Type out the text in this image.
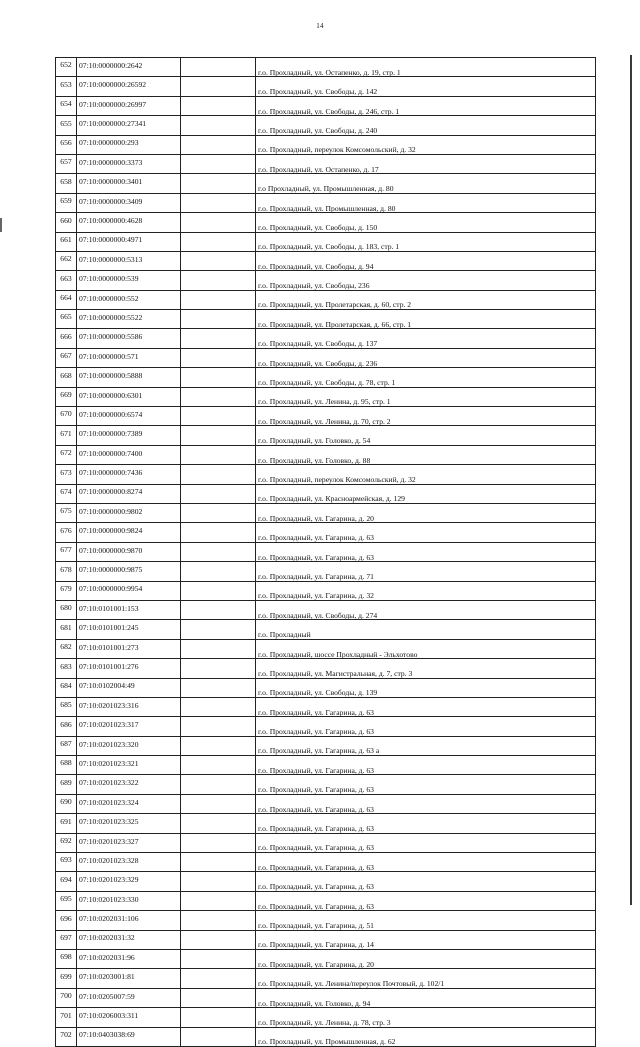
14
652	07:10:0000000:2642		г.о. Прохладный, ул. Остапенко, д. 19, стр. 1
653	07:10:0000000:26592		г.о. Прохладный, ул. Свободы, д. 142
654	07:10:0000000:26997		г.о. Прохладный, ул. Свободы, д. 246, стр. 1
655	07:10:0000000:27341		г.о. Прохладный, ул. Свободы, д. 240
656	07:10:0000000:293		г.о. Прохладный, переулок Комсомольский, д. 32
657	07:10:0000000:3373		г.о. Прохладный, ул. Остапенко, д. 17
658	07:10:0000000:3401		г.о Прохладный, ул. Промышленная, д. 80
659	07:10:0000000:3409		г.о. Прохладный, ул. Промышленная, д. 80
660	07:10:0000000:4628		г.о. Прохладный, ул. Свободы, д. 150
661	07:10:0000000:4971		г.о. Прохладный, ул. Свободы, д. 183, стр. 1
662	07:10:0000000:5313		г.о. Прохладный, ул. Свободы, д. 94
663	07:10:0000000:539		г.о. Прохладный, ул. Свободы, 236
664	07:10:0000000:552		г.о. Прохладный, ул. Пролетарская, д. 60, стр. 2
665	07:10:0000000:5522		г.о. Прохладный, ул. Пролетарская, д. 66, стр. 1
666	07:10:0000000:5586		г.о. Прохладный, ул. Свободы, д. 137
667	07:10:0000000:571		г.о. Прохладный, ул. Свободы, д. 236
668	07:10:0000000:5888		г.о. Прохладный, ул. Свободы, д. 78, стр. 1
669	07:10:0000000:6301		г.о. Прохладный, ул. Ленина, д. 95, стр. 1
670	07:10:0000000:6574		г.о. Прохладный, ул. Ленина, д. 70, стр. 2
671	07:10:0000000:7389		г.о. Прохладный, ул. Головко, д. 54
672	07:10:0000000:7400		г.о. Прохладный, ул. Головко, д. 88
673	07:10:0000000:7436		г.о. Прохладный, переулок Комсомольский, д. 32
674	07:10:0000000:8274		г.о. Прохладный, ул. Красноармейская, д. 129
675	07:10:0000000:9802		г.о. Прохладный, ул. Гагарина, д. 20
676	07:10:0000000:9824		г.о. Прохладный, ул. Гагарина, д. 63
677	07:10:0000000:9870		г.о. Прохладный, ул. Гагарина, д. 63
678	07:10:0000000:9875		г.о. Прохладный, ул. Гагарина, д. 71
679	07:10:0000000:9954		г.о. Прохладный, ул. Гагарина, д. 32
680	07:10:0101001:153		г.о. Прохладный, ул. Свободы, д. 274
681	07:10:0101001:245		г.о. Прохладный
682	07:10:0101001:273		г.о. Прохладный, шоссе Прохладный - Эльхотово
683	07:10:0101001:276		г.о. Прохладный, ул. Магистральная, д. 7, стр. 3
684	07:10:0102004:49		г.о. Прохладный, ул. Свободы, д. 139
685	07:10:0201023:316		г.о. Прохладный, ул. Гагарина, д. 63
686	07:10:0201023:317		г.о. Прохладный, ул. Гагарина, д. 63
687	07:10:0201023:320		г.о. Прохладный, ул. Гагарина, д. 63 а
688	07:10:0201023:321		г.о. Прохладный, ул. Гагарина, д. 63
689	07:10:0201023:322		г.о. Прохладный, ул. Гагарина, д. 63
690	07:10:0201023:324		г.о. Прохладный, ул. Гагарина, д. 63
691	07:10:0201023:325		г.о. Прохладный, ул. Гагарина, д. 63
692	07:10:0201023:327		г.о. Прохладный, ул. Гагарина, д. 63
693	07:10:0201023:328		г.о. Прохладный, ул. Гагарина, д. 63
694	07:10:0201023:329		г.о. Прохладный, ул. Гагарина, д. 63
695	07:10:0201023:330		г.о. Прохладный, ул. Гагарина, д. 63
696	07:10:0202031:106		г.о. Прохладный, ул. Гагарина, д. 51
697	07:10:0202031:32		г.о. Прохладный, ул. Гагарина, д. 14
698	07:10:0202031:96		г.о. Прохладный, ул. Гагарина, д. 20
699	07:10:0203001:81		г.о. Прохладный, ул. Ленина/переулок Почтовый, д. 102/1
700	07:10:0205007:59		г.о. Прохладный, ул. Головко, д. 94
701	07:10:0206003:311		г.о. Прохладный, ул. Ленина, д. 78, стр. 3
702	07:10:0403038:69		г.о. Прохладный, ул. Промышленная, д. 62
